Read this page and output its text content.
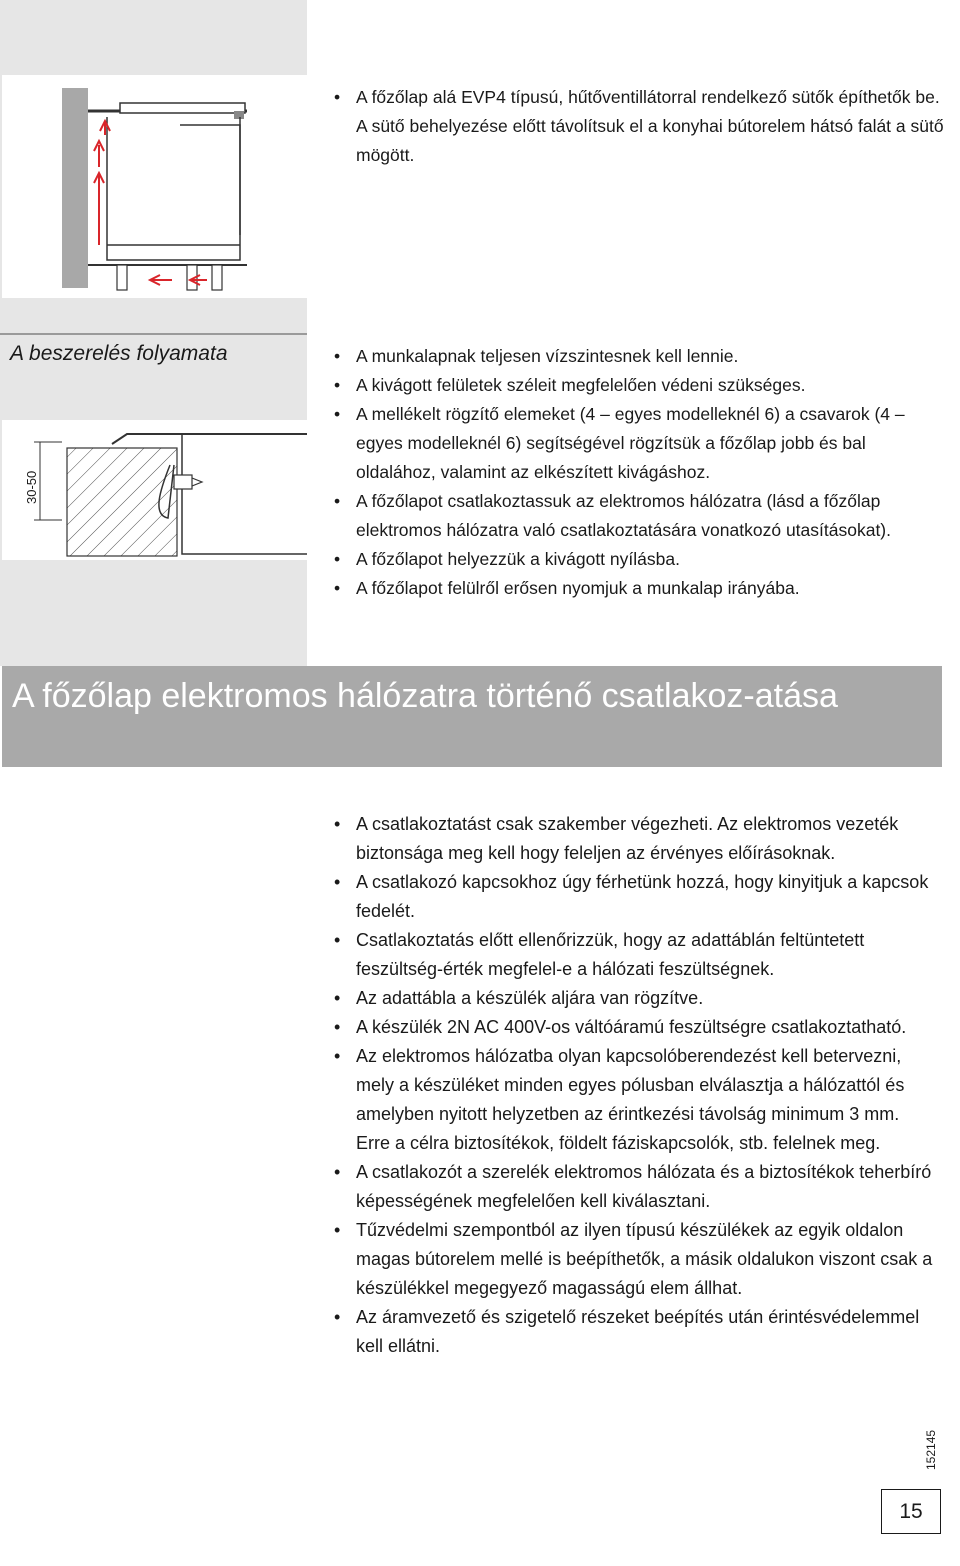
A beszerelés folyamata
30-50
• A főzőlap alá EVP4 típusú, hűtőventillátorral rendelkező sütők építhetők be. A sütő behelyezése előtt távolítsuk el a konyhai bútorelem hátsó falát a sütő mögött.
• A munkalapnak teljesen vízszintesnek kell lennie.
• A kivágott felületek széleit megfelelően védeni szükséges.
• A mellékelt rögzítő elemeket (4 – egyes modelleknél 6) a csavarok (4 – egyes modelleknél 6) segítségével rögzítsük a főzőlap jobb és bal oldalához, valamint az elkészített kivágáshoz.
• A főzőlapot csatlakoztassuk az elektromos hálózatra (lásd a főzőlap elektromos hálózatra való csatlakoztatására vonatkozó utasításokat).
• A főzőlapot helyezzük a kivágott nyílásba.
• A főzőlapot felülről erősen nyomjuk a munkalap irányába.
A főzőlap elektromos hálózatra történő csatlakoz-atása
• A csatlakoztatást csak szakember végezheti. Az elektromos vezeték biztonsága meg kell hogy feleljen az érvényes előírásoknak.
• A csatlakozó kapcsokhoz úgy férhetünk hozzá, hogy kinyitjuk a kapcsok fedelét.
• Csatlakoztatás előtt ellenőrizzük, hogy az adattáblán feltüntetett feszültség-érték megfelel-e a hálózati feszültségnek.
• Az adattábla a készülék aljára van rögzítve.
• A készülék 2N AC 400V-os váltóáramú feszültségre csatlakoztatható.
• Az elektromos hálózatba olyan kapcsolóberendezést kell betervezni, mely a készüléket minden egyes pólusban elválasztja a hálózattól és amelyben nyitott helyzetben az érintkezési távolság minimum 3 mm. Erre a célra biztosítékok, földelt fáziskapcsolók, stb. felelnek meg.
• A csatlakozót a szerelék elektromos hálózata és a biztosítékok teherbíró képességének megfelelően kell kiválasztani.
• Tűzvédelmi szempontból az ilyen típusú készülékek az egyik oldalon magas bútorelem mellé is beépíthetők, a másik oldalukon viszont csak a készülékkel megegyező magasságú elem állhat.
• Az áramvezető és szigetelő részeket beépítés után érintésvédelemmel kell ellátni.
152145
15
